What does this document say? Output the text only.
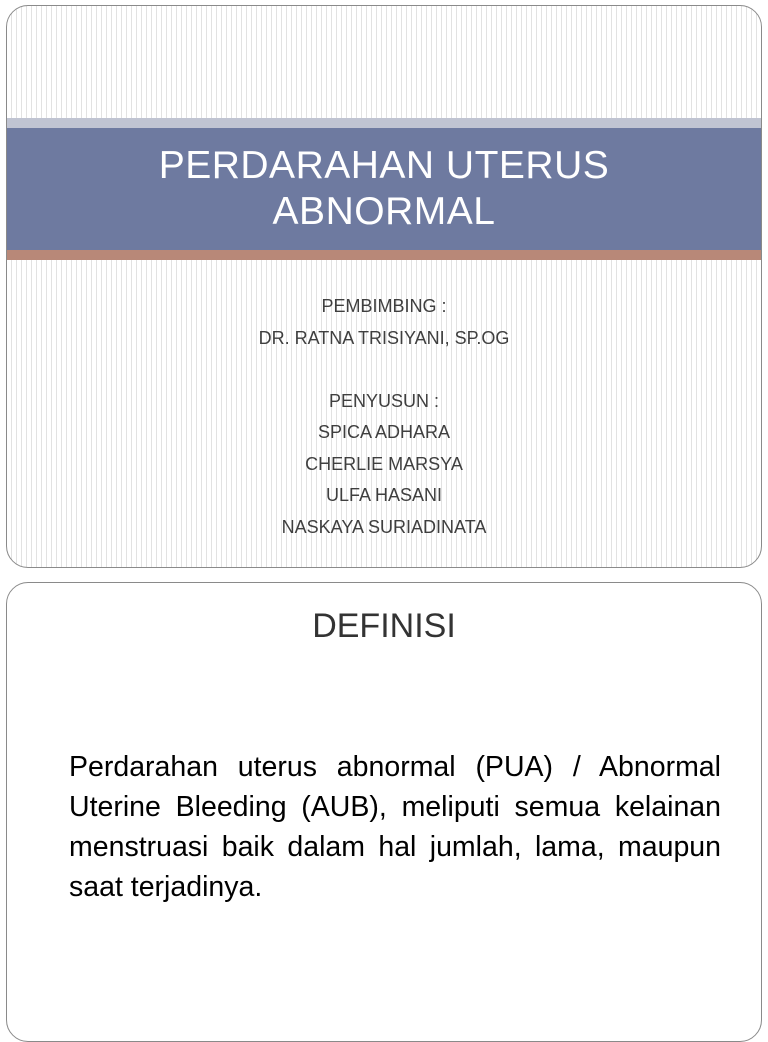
PERDARAHAN UTERUS
ABNORMAL
PEMBIMBING :
DR. RATNA TRISIYANI, SP.OG
PENYUSUN :
SPICA ADHARA
CHERLIE MARSYA
ULFA HASANI
NASKAYA SURIADINATA
DEFINISI

Perdarahan uterus abnormal (PUA) / Abnormal Uterine Bleeding (AUB), meliputi semua kelainan menstruasi baik dalam hal jumlah, lama, maupun saat terjadinya.
